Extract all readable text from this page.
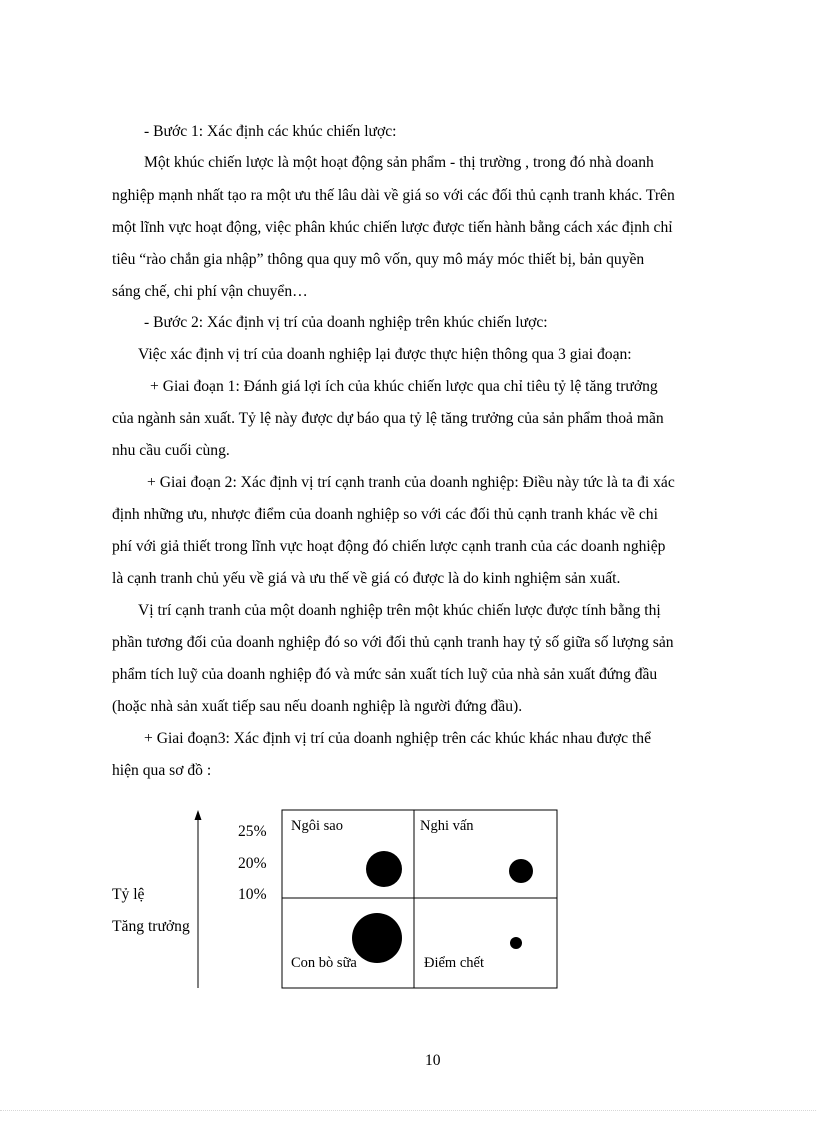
- Bước 1: Xác định các khúc chiến lược:
Một khúc chiến lược là một hoạt động sản phẩm - thị trường , trong đó nhà doanh
nghiệp mạnh nhất tạo ra một ưu thế lâu dài về giá so với các đối thủ cạnh tranh khác. Trên
một lĩnh vực hoạt động, việc phân khúc chiến lược được tiến hành bằng cách xác định chỉ
tiêu “rào chắn gia nhập” thông qua quy mô vốn, quy mô máy móc thiết bị, bản quyền
sáng chế, chi phí vận chuyển…
- Bước 2: Xác định vị trí của doanh nghiệp trên khúc chiến lược:
Việc xác định vị trí của doanh nghiệp lại được thực hiện thông qua 3 giai đoạn:
+ Giai đoạn 1: Đánh giá lợi ích của khúc chiến lược qua chỉ tiêu tỷ lệ tăng trưởng
của ngành sản xuất. Tỷ lệ này được dự báo qua tỷ lệ tăng trưởng của sản phẩm thoả mãn
nhu cầu cuối cùng.
+ Giai đoạn 2: Xác định vị trí cạnh tranh của doanh nghiệp: Điều này tức là ta đi xác
định những ưu, nhược điểm của doanh nghiệp so với các đối thủ cạnh tranh khác về chi
phí với giả thiết trong lĩnh vực hoạt động đó chiến lược cạnh tranh của các doanh nghiệp
là cạnh tranh chủ yếu về giá và ưu thế về giá có được là do kinh nghiệm sản xuất.
Vị trí cạnh tranh của một doanh nghiệp trên một khúc chiến lược được tính bằng thị
phần tương đối của doanh nghiệp đó so với đối thủ cạnh tranh hay tỷ số giữa số lượng sản
phẩm tích luỹ của doanh nghiệp đó và mức sản xuất tích luỹ của nhà sản xuất đứng đầu
(hoặc nhà sản xuất tiếp sau nếu doanh nghiệp là người đứng đầu).
+ Giai đoạn3: Xác định vị trí của doanh nghiệp trên các khúc khác nhau được thể
hiện qua sơ đồ :
Tỷ lệ
Tăng trưởng
25%
20%
10%
Ngôi sao	Nghi vấn
Con bò sữa	Điểm chết
10
